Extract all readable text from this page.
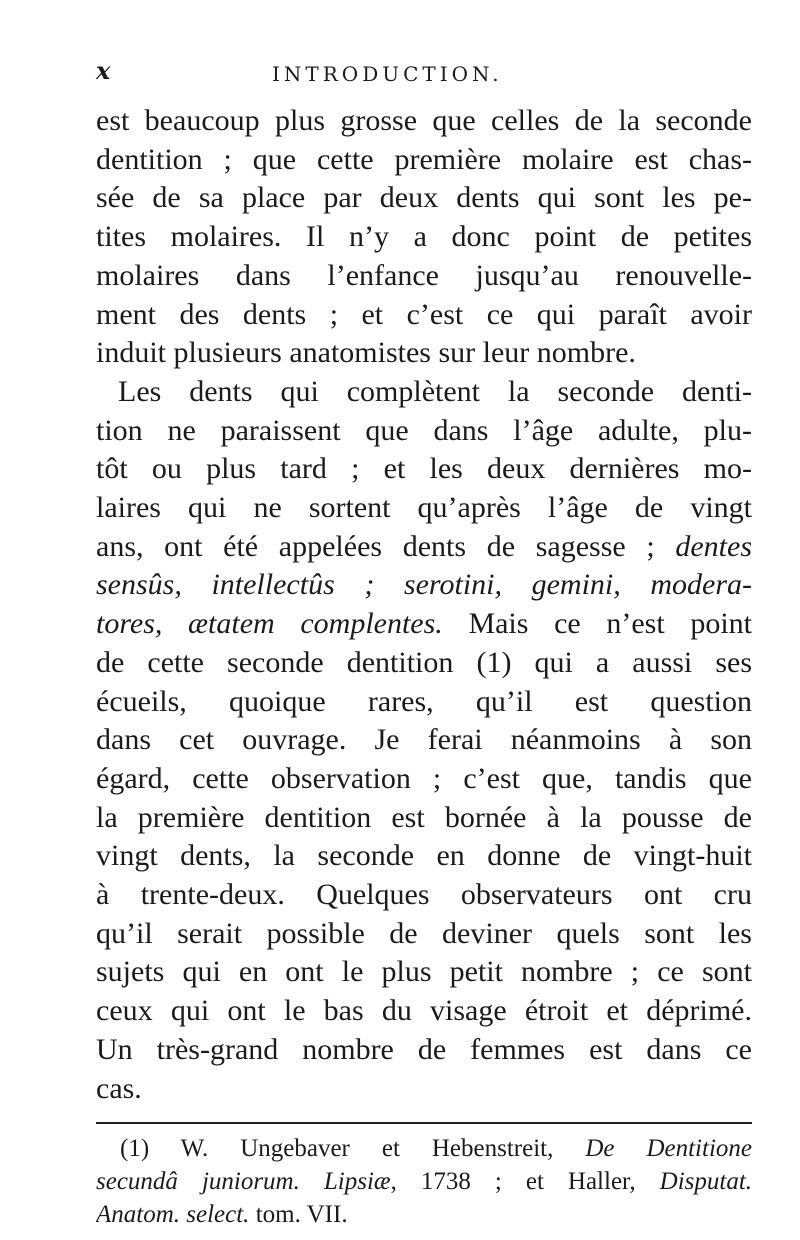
x	INTRODUCTION.
est beaucoup plus grosse que celles de la seconde
dentition ; que cette première molaire est chas-
sée de sa place par deux dents qui sont les pe-
tites molaires. Il n’y a donc point de petites
molaires dans l’enfance jusqu’au renouvelle-
ment des dents ; et c’est ce qui paraît avoir
induit plusieurs anatomistes sur leur nombre.
Les dents qui complètent la seconde denti-
tion ne paraissent que dans l’âge adulte, plu-
tôt ou plus tard ; et les deux dernières mo-
laires qui ne sortent qu’après l’âge de vingt
ans, ont été appelées dents de sagesse ; dentes
sensûs, intellectûs ; serotini, gemini, modera-
tores, ætatem complentes. Mais ce n’est point
de cette seconde dentition (1) qui a aussi ses
écueils, quoique rares, qu’il est question
dans cet ouvrage. Je ferai néanmoins à son
égard, cette observation ; c’est que, tandis que
la première dentition est bornée à la pousse de
vingt dents, la seconde en donne de vingt-huit
à trente-deux. Quelques observateurs ont cru
qu’il serait possible de deviner quels sont les
sujets qui en ont le plus petit nombre ; ce sont
ceux qui ont le bas du visage étroit et déprimé.
Un très-grand nombre de femmes est dans ce
cas.
(1) W. Ungebaver et Hebenstreit, De Dentitione
secundâ juniorum. Lipsiæ, 1738 ; et Haller, Disputat.
Anatom. select. tom. VII.
